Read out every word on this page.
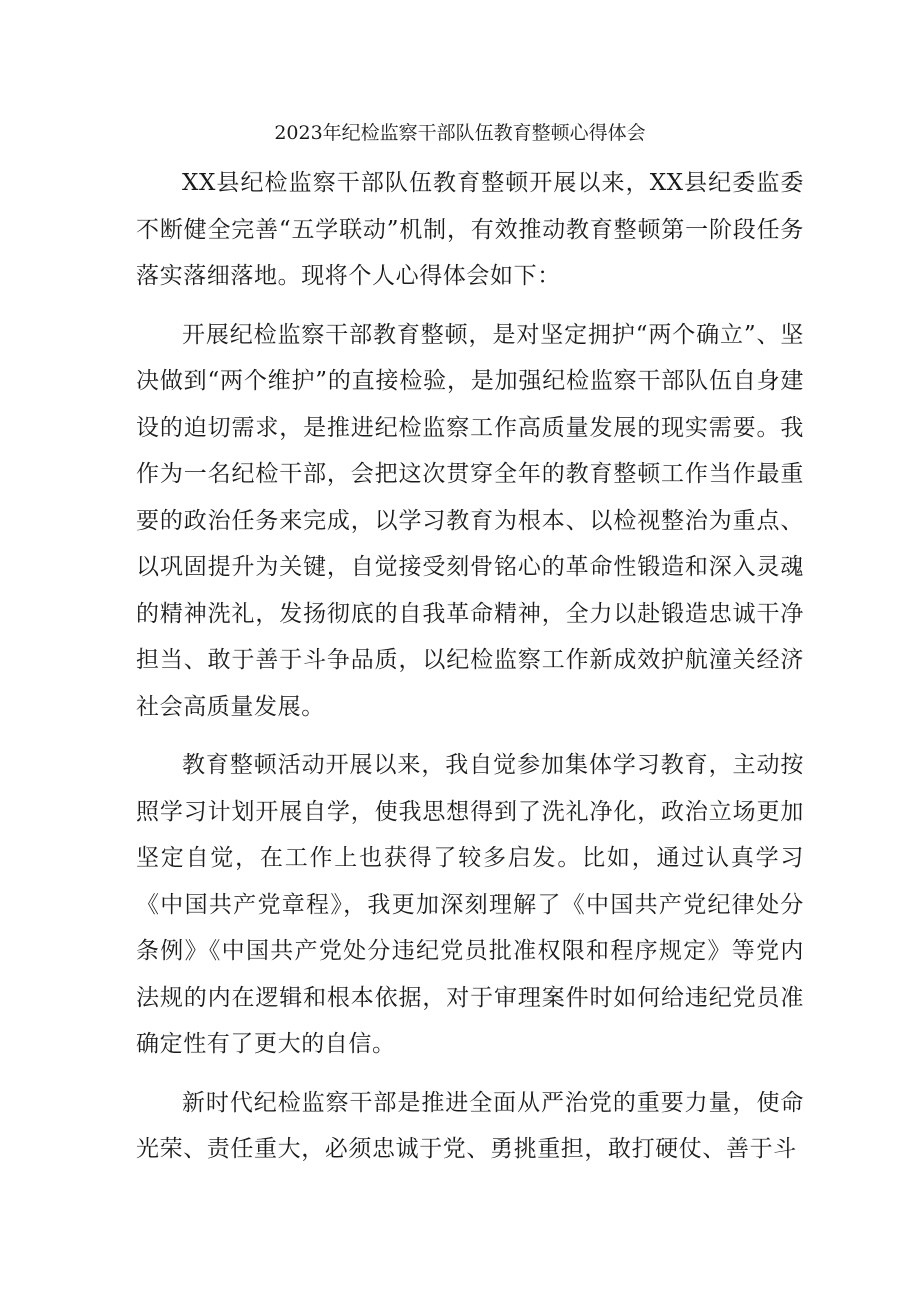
2023年纪检监察干部队伍教育整顿心得体会

XX县纪检监察干部队伍教育整顿开展以来，XX县纪委监委不断健全完善“五学联动”机制，有效推动教育整顿第一阶段任务落实落细落地。现将个人心得体会如下：

开展纪检监察干部教育整顿，是对坚定拥护“两个确立”、坚决做到“两个维护”的直接检验，是加强纪检监察干部队伍自身建设的迫切需求，是推进纪检监察工作高质量发展的现实需要。我作为一名纪检干部，会把这次贯穿全年的教育整顿工作当作最重要的政治任务来完成，以学习教育为根本、以检视整治为重点、以巩固提升为关键，自觉接受刻骨铭心的革命性锻造和深入灵魂的精神洗礼，发扬彻底的自我革命精神，全力以赴锻造忠诚干净担当、敢于善于斗争品质，以纪检监察工作新成效护航潼关经济社会高质量发展。

教育整顿活动开展以来，我自觉参加集体学习教育，主动按照学习计划开展自学，使我思想得到了洗礼净化，政治立场更加坚定自觉，在工作上也获得了较多启发。比如，通过认真学习《中国共产党章程》，我更加深刻理解了《中国共产党纪律处分条例》《中国共产党处分违纪党员批准权限和程序规定》等党内法规的内在逻辑和根本依据，对于审理案件时如何给违纪党员准确定性有了更大的自信。

新时代纪检监察干部是推进全面从严治党的重要力量，使命光荣、责任重大，必须忠诚于党、勇挑重担，敢打硬仗、善于斗
